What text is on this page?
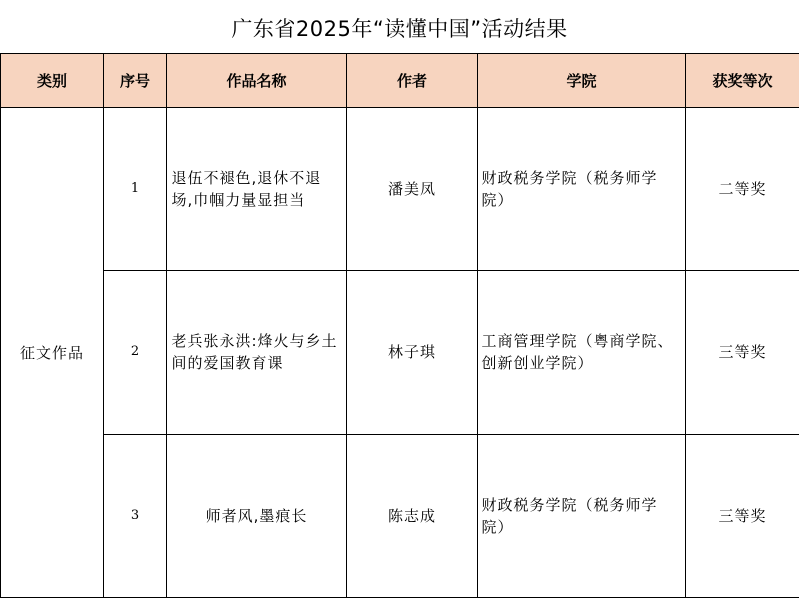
广东省2025年“读懂中国”活动结果
类别	序号	作品名称	作者	学院	获奖等次
征文作品	1	退伍不褪色,退休不退场,巾帼力量显担当	潘美凤	财政税务学院（税务师学院）	二等奖
	2	老兵张永洪:烽火与乡土间的爱国教育课	林子琪	工商管理学院（粤商学院、创新创业学院）	三等奖
	3	师者风,墨痕长	陈志成	财政税务学院（税务师学院）	三等奖
